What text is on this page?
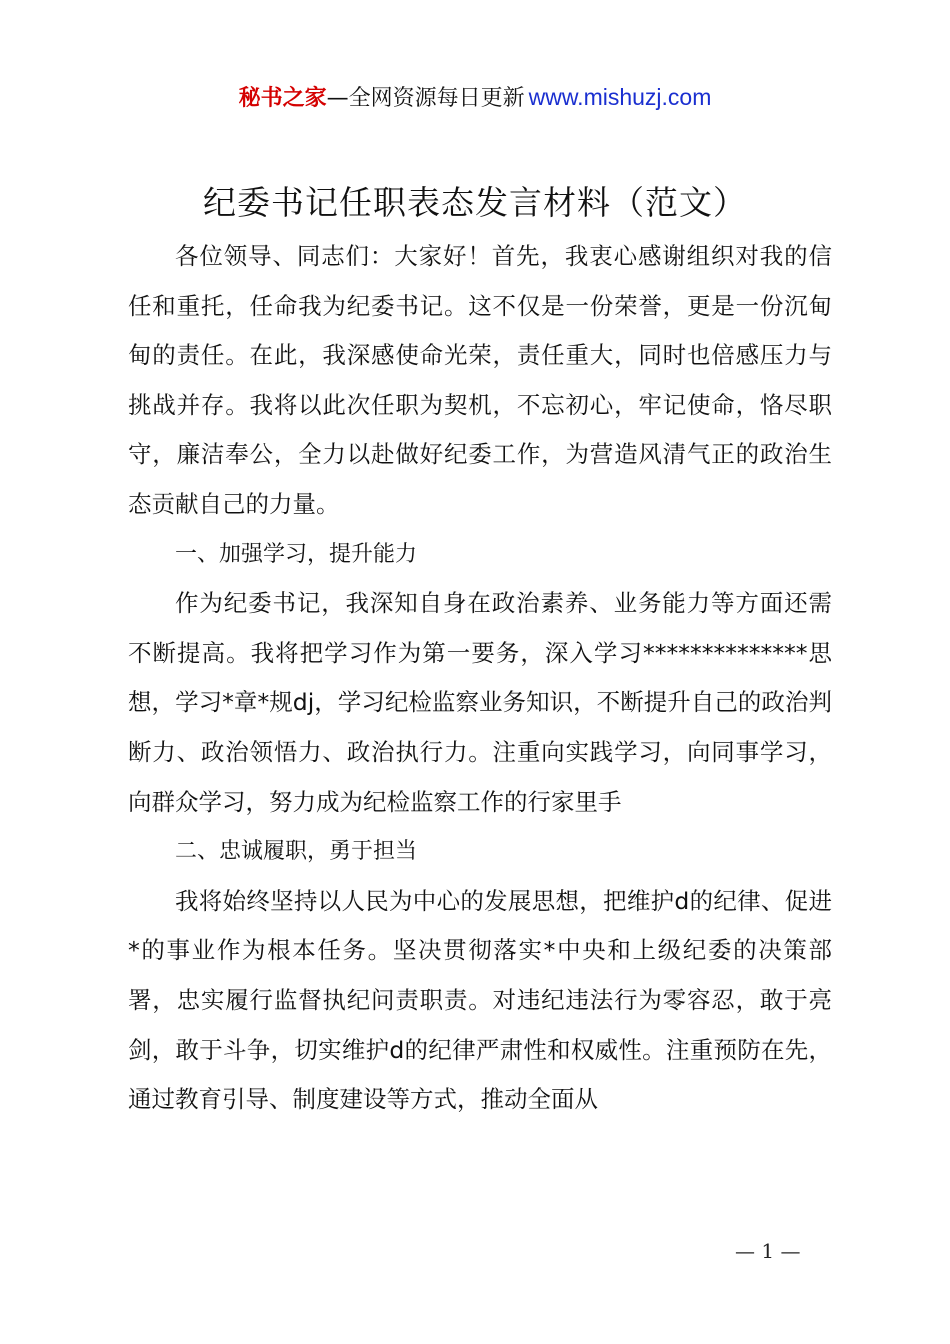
秘书之家—全网资源每日更新 www.mishuzj.com
纪委书记任职表态发言材料（范文）

各位领导、同志们：大家好！首先，我衷心感谢组织对我的信任和重托，任命我为纪委书记。这不仅是一份荣誉，更是一份沉甸甸的责任。在此，我深感使命光荣，责任重大，同时也倍感压力与挑战并存。我将以此次任职为契机，不忘初心，牢记使命，恪尽职守，廉洁奉公，全力以赴做好纪委工作，为营造风清气正的政治生态贡献自己的力量。

一、加强学习，提升能力

作为纪委书记，我深知自身在政治素养、业务能力等方面还需不断提高。我将把学习作为第一要务，深入学习**************思想，学习*章*规dj，学习纪检监察业务知识，不断提升自己的政治判断力、政治领悟力、政治执行力。注重向实践学习，向同事学习，向群众学习，努力成为纪检监察工作的行家里手

二、忠诚履职，勇于担当

我将始终坚持以人民为中心的发展思想，把维护d的纪律、促进*的事业作为根本任务。坚决贯彻落实*中央和上级纪委的决策部署，忠实履行监督执纪问责职责。对违纪违法行为零容忍，敢于亮剑，敢于斗争，切实维护d的纪律严肃性和权威性。注重预防在先，通过教育引导、制度建设等方式，推动全面从

— 1 —
